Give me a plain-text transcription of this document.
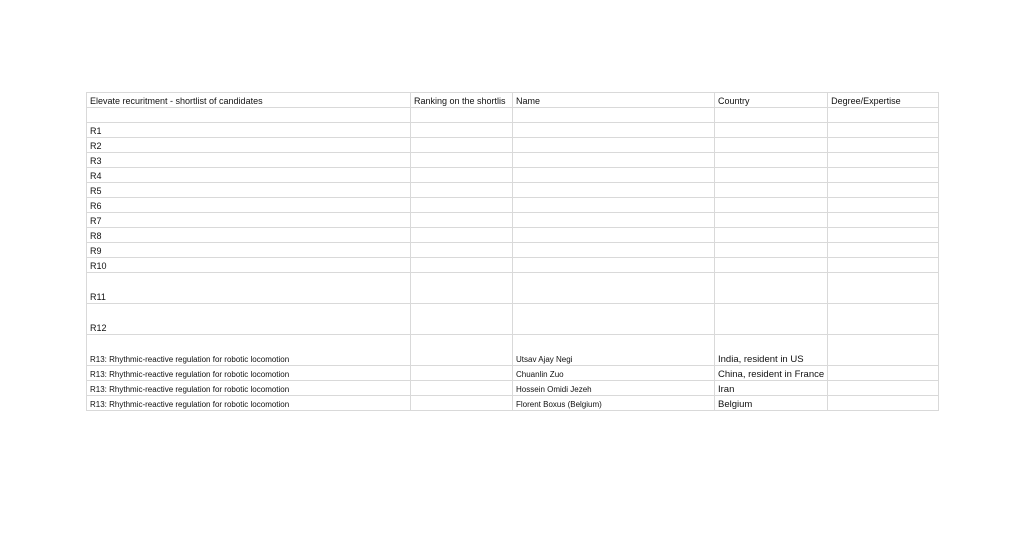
Elevate recuritment - shortlist of candidates	Ranking on the shortlis	Name	Country	Degree/Expertise

R1				
R2				
R3				
R4				
R5				
R6				
R7				
R8				
R9				
R10				
R11				
R12				
R13: Rhythmic-reactive regulation for robotic locomotion		Utsav Ajay Negi	India, resident in US	
R13: Rhythmic-reactive regulation for robotic locomotion		Chuanlin Zuo	China, resident in France	
R13: Rhythmic-reactive regulation for robotic locomotion		Hossein Omidi Jezeh	Iran	
R13: Rhythmic-reactive regulation for robotic locomotion		Florent Boxus (Belgium)	Belgium	
